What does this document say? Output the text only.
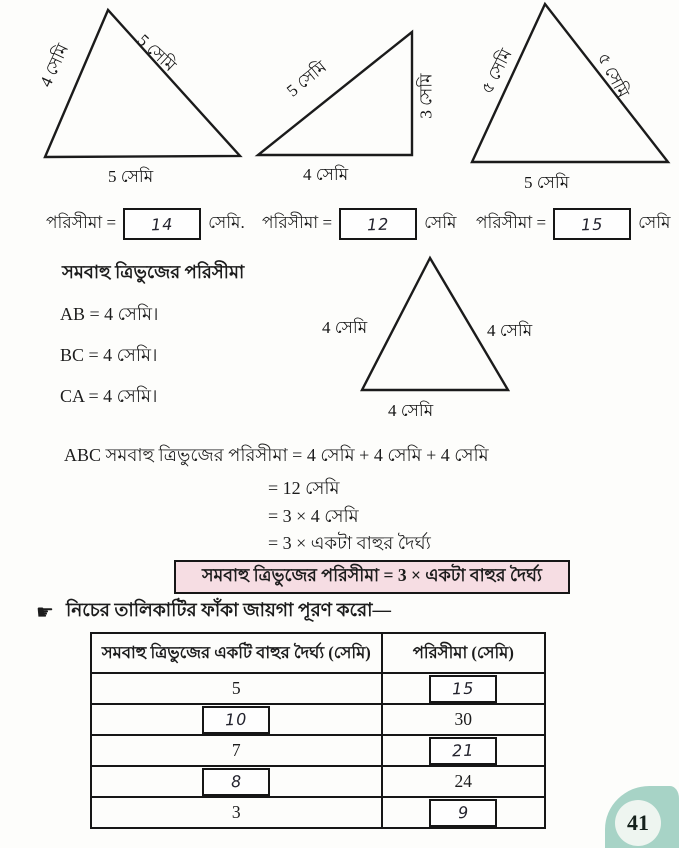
4 সেমি	5 সেমি
5 সেমি
5 সেমি	3 সেমি
4 সেমি
৫ সেমি	৫ সেমি
5 সেমি
পরিসীমা = 14 সেমি. পরিসীমা = 12 সেমি পরিসীমা = 15 সেমি
সমবাহু ত্রিভুজের পরিসীমা
AB = 4 সেমি।
BC = 4 সেমি।
CA = 4 সেমি।
4 সেমি	4 সেমি
4 সেমি
ABC সমবাহু ত্রিভুজের পরিসীমা = 4 সেমি + 4 সেমি + 4 সেমি
= 12 সেমি
= 3 × 4 সেমি
= 3 × একটা বাহুর দৈর্ঘ্য
সমবাহু ত্রিভুজের পরিসীমা = 3 × একটা বাহুর দৈর্ঘ্য
☛ নিচের তালিকাটির ফাঁকা জায়গা পূরণ করো—
সমবাহু ত্রিভুজের একটি বাহুর দৈর্ঘ্য (সেমি)	পরিসীমা (সেমি)
5	15

10	30
7	21

8	24
3	9	41
